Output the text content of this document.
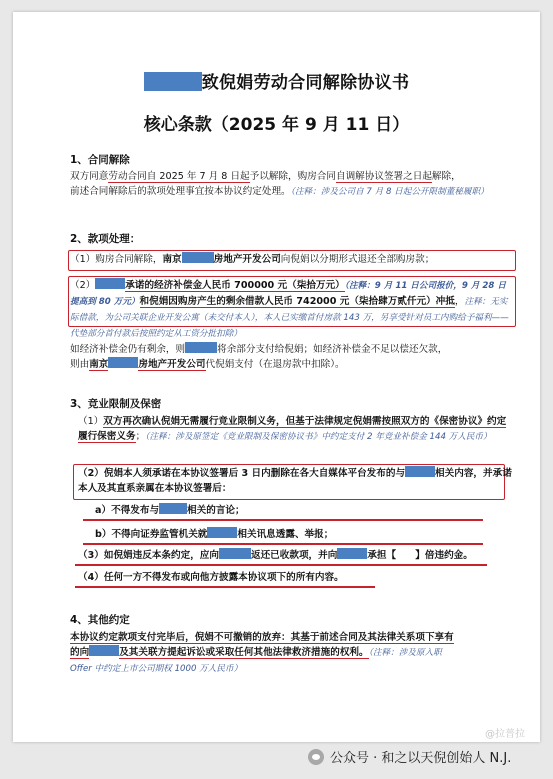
致倪娟劳动合同解除协议书
核心条款（2025 年 9 月 11 日）
1、合同解除
双方同意劳动合同自 2025 年 7 月 8 日起予以解除，购房合同自调解协议签署之日起解除，
前述合同解除后的款项处理事宜按本协议约定处理。（注释：涉及公司自 7 月 8 日起公开限制董秘履职）
2、款项处理：
（1）购房合同解除，南京	房地产开发公司向倪娟以分期形式退还全部购房款；
（2）	承诺的经济补偿金人民币 700000 元（柒拾万元）（注释：9 月 11 日公司报价，9 月 28 日提高到 80 万元）和倪娟因购房产生的剩余借款人民币 742000 元（柒拾肆万贰仟元）冲抵，注释：无实际借款，为公司关联企业开发公寓（未交付本人），本人已实缴首付房款 143 万，另享受针对员工内购给予福利——代垫部分首付款后按照约定从工资分批扣除）
如经济补偿金仍有剩余，则	将余部分支付给倪娟；如经济补偿金不足以偿还欠款，
则由南京	房地产开发公司代倪娟支付（在退房款中扣除）。
3、竞业限制及保密
（1）双方再次确认倪娟无需履行竞业限制义务，但基于法律规定倪娟需按照双方的《保密协议》约定履行保密义务；（注释：涉及原签定《竞业限制及保密协议书》中约定支付 2 年竞业补偿金 144 万人民币）
（2）倪娟本人须承诺在本协议签署后 3 日内删除在各大自媒体平台发布的与	相关内容，并承诺本人及其直系亲属在本协议签署后：
a）不得发布与	相关的言论；
b）不得向证券监管机关就	相关讯息透露、举报；
（3）如倪娟违反本条约定，应向	返还已收款项，并向	承担【　　】倍违约金。
（4）任何一方不得发布或向他方披露本协议项下的所有内容。
4、其他约定
本协议约定款项支付完毕后，倪娟不可撤销的放弃：其基于前述合同及其法律关系项下享有
的向	及其关联方提起诉讼或采取任何其他法律救济措施的权利。（注释：涉及原入职
Offer 中约定上市公司期权 1000 万人民币）
@拉普拉
公众号 · 和之以天倪创始人 N.J.
